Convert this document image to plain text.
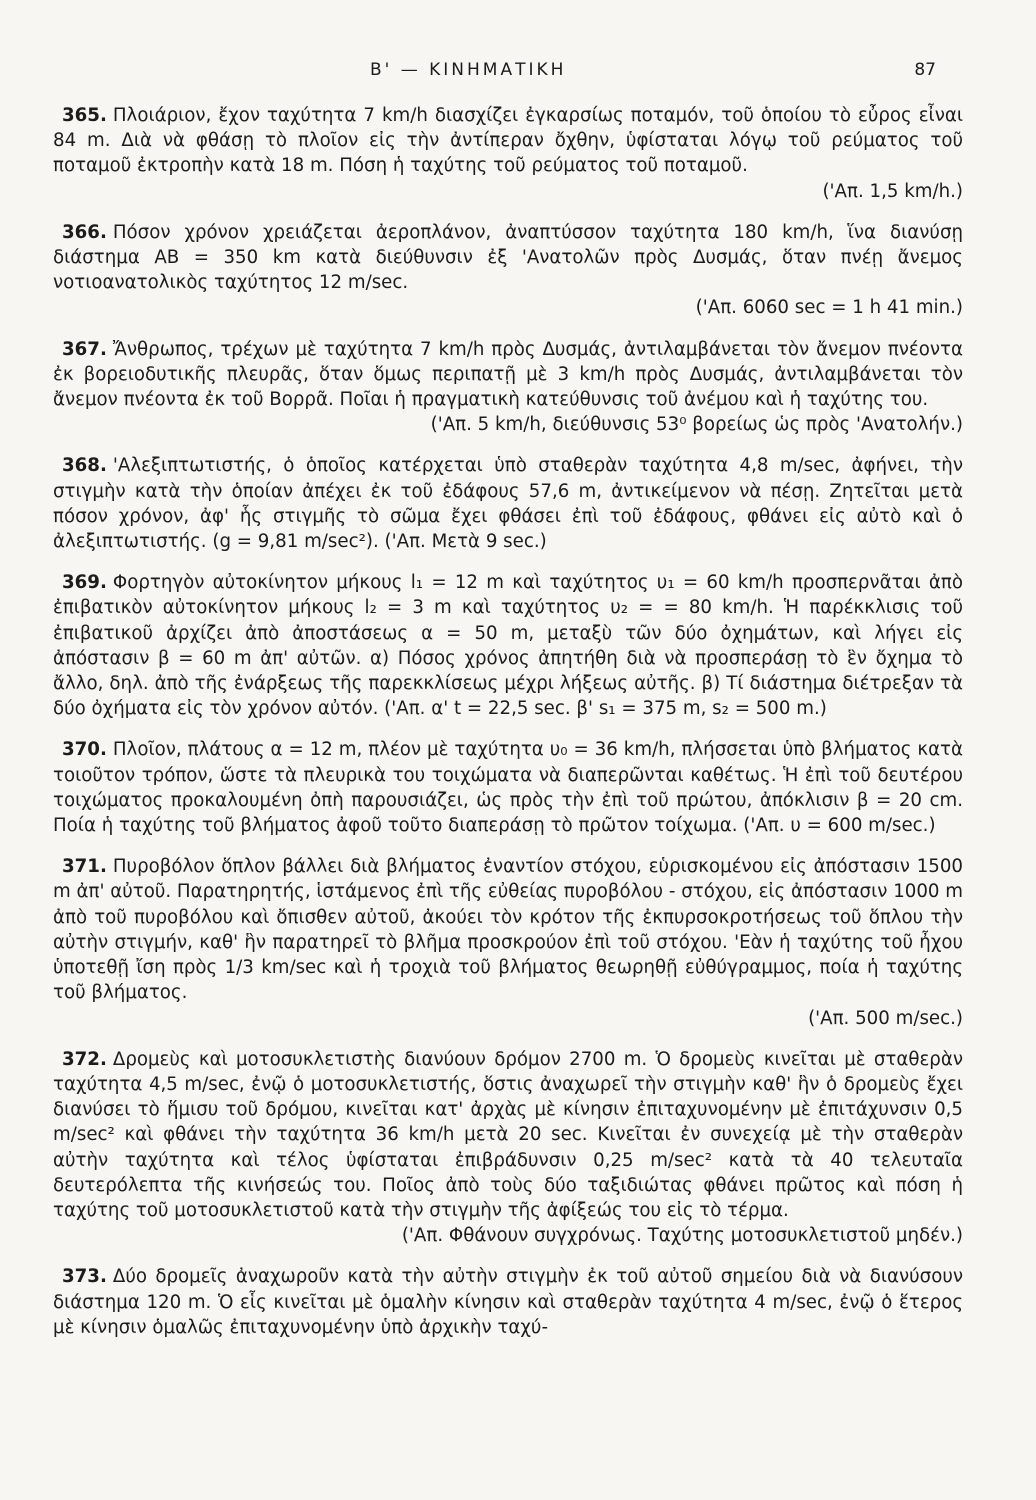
Β' — ΚΙΝΗΜΑΤΙΚΗ	87

365. Πλοιάριον, ἔχον ταχύτητα 7 km/h διασχίζει ἐγκαρσίως ποταμόν, τοῦ ὁποίου τὸ εὖρος εἶναι 84 m. Διὰ νὰ φθάσῃ τὸ πλοῖον εἰς τὴν ἀντίπεραν ὄχθην, ὑφίσταται λόγῳ τοῦ ρεύματος τοῦ ποταμοῦ ἐκτροπὴν κατὰ 18 m. Πόση ἡ ταχύτης τοῦ ρεύματος τοῦ ποταμοῦ.
('Απ. 1,5 km/h.)

366. Πόσον χρόνον χρειάζεται ἀεροπλάνον, ἀναπτύσσον ταχύτητα 180 km/h, ἵνα διανύσῃ διάστημα ΑΒ = 350 km κατὰ διεύθυνσιν ἐξ 'Ανατολῶν πρὸς Δυσμάς, ὅταν πνέῃ ἄνεμος νοτιοανατολικὸς ταχύτητος 12 m/sec.
('Απ. 6060 sec = 1 h 41 min.)

367. Ἄνθρωπος, τρέχων μὲ ταχύτητα 7 km/h πρὸς Δυσμάς, ἀντιλαμβάνεται τὸν ἄνεμον πνέοντα ἐκ βορειοδυτικῆς πλευρᾶς, ὅταν ὅμως περιπατῇ μὲ 3 km/h πρὸς Δυσμάς, ἀντιλαμβάνεται τὸν ἄνεμον πνέοντα ἐκ τοῦ Βορρᾶ. Ποῖαι ἡ πραγματικὴ κατεύθυνσις τοῦ ἀνέμου καὶ ἡ ταχύτης του.
('Απ. 5 km/h, διεύθυνσις 53⁰ βορείως ὡς πρὸς 'Ανατολήν.)

368. 'Αλεξιπτωτιστής, ὁ ὁποῖος κατέρχεται ὑπὸ σταθερὰν ταχύτητα 4,8 m/sec, ἀφήνει, τὴν στιγμὴν κατὰ τὴν ὁποίαν ἀπέχει ἐκ τοῦ ἐδάφους 57,6 m, ἀντικείμενον νὰ πέσῃ. Ζητεῖται μετὰ πόσον χρόνον, ἀφ' ἧς στιγμῆς τὸ σῶμα ἔχει φθάσει ἐπὶ τοῦ ἐδάφους, φθάνει εἰς αὐτὸ καὶ ὁ ἀλεξιπτωτιστής. (g = 9,81 m/sec²). ('Απ. Μετὰ 9 sec.)

369. Φορτηγὸν αὐτοκίνητον μήκους l₁ = 12 m καὶ ταχύτητος υ₁ = 60 km/h προσπερνᾶται ἀπὸ ἐπιβατικὸν αὐτοκίνητον μήκους l₂ = 3 m καὶ ταχύτητος υ₂ = = 80 km/h. Ἡ παρέκκλισις τοῦ ἐπιβατικοῦ ἀρχίζει ἀπὸ ἀποστάσεως α = 50 m, μεταξὺ τῶν δύο ὀχημάτων, καὶ λήγει εἰς ἀπόστασιν β = 60 m ἀπ' αὐτῶν. α) Πόσος χρόνος ἀπητήθη διὰ νὰ προσπεράσῃ τὸ ἓν ὄχημα τὸ ἄλλο, δηλ. ἀπὸ τῆς ἐνάρξεως τῆς παρεκκλίσεως μέχρι λήξεως αὐτῆς. β) Τί διάστημα διέτρεξαν τὰ δύο ὀχήματα εἰς τὸν χρόνον αὐτόν. ('Απ. α' t = 22,5 sec. β' s₁ = 375 m, s₂ = 500 m.)

370. Πλοῖον, πλάτους α = 12 m, πλέον μὲ ταχύτητα υ₀ = 36 km/h, πλήσσεται ὑπὸ βλήματος κατὰ τοιοῦτον τρόπον, ὥστε τὰ πλευρικὰ του τοιχώματα νὰ διαπερῶνται καθέτως. Ἡ ἐπὶ τοῦ δευτέρου τοιχώματος προκαλουμένη ὀπὴ παρουσιάζει, ὡς πρὸς τὴν ἐπὶ τοῦ πρώτου, ἀπόκλισιν β = 20 cm. Ποία ἡ ταχύτης τοῦ βλήματος ἀφοῦ τοῦτο διαπεράσῃ τὸ πρῶτον τοίχωμα. ('Απ. υ = 600 m/sec.)

371. Πυροβόλον ὅπλον βάλλει διὰ βλήματος ἐναντίον στόχου, εὑρισκομένου εἰς ἀπόστασιν 1500 m ἀπ' αὐτοῦ. Παρατηρητής, ἱστάμενος ἐπὶ τῆς εὐθείας πυροβόλου - στόχου, εἰς ἀπόστασιν 1000 m ἀπὸ τοῦ πυροβόλου καὶ ὄπισθεν αὐτοῦ, ἀκούει τὸν κρότον τῆς ἐκπυρσοκροτήσεως τοῦ ὅπλου τὴν αὐτὴν στιγμήν, καθ' ἣν παρατηρεῖ τὸ βλῆμα προσκρούον ἐπὶ τοῦ στόχου. 'Εὰν ἡ ταχύτης τοῦ ἦχου ὑποτεθῇ ἴση πρὸς 1/3 km/sec καὶ ἡ τροχιὰ τοῦ βλήματος θεωρηθῇ εὐθύγραμμος, ποία ἡ ταχύτης τοῦ βλήματος.
('Απ. 500 m/sec.)

372. Δρομεὺς καὶ μοτοσυκλετιστὴς διανύουν δρόμον 2700 m. Ὁ δρομεὺς κινεῖται μὲ σταθερὰν ταχύτητα 4,5 m/sec, ἐνῷ ὁ μοτοσυκλετιστής, ὅστις ἀναχωρεῖ τὴν στιγμὴν καθ' ἣν ὁ δρομεὺς ἔχει διανύσει τὸ ἥμισυ τοῦ δρόμου, κινεῖται κατ' ἀρχὰς μὲ κίνησιν ἐπιταχυνομένην μὲ ἐπιτάχυνσιν 0,5 m/sec² καὶ φθάνει τὴν ταχύτητα 36 km/h μετὰ 20 sec. Κινεῖται ἐν συνεχείᾳ μὲ τὴν σταθερὰν αὐτὴν ταχύτητα καὶ τέλος ὑφίσταται ἐπιβράδυνσιν 0,25 m/sec² κατὰ τὰ 40 τελευταῖα δευτερόλεπτα τῆς κινήσεώς του. Ποῖος ἀπὸ τοὺς δύο ταξιδιώτας φθάνει πρῶτος καὶ πόση ἡ ταχύτης τοῦ μοτοσυκλετιστοῦ κατὰ τὴν στιγμὴν τῆς ἀφίξεώς του εἰς τὸ τέρμα.
('Απ. Φθάνουν συγχρόνως. Ταχύτης μοτοσυκλετιστοῦ μηδέν.)

373. Δύο δρομεῖς ἀναχωροῦν κατὰ τὴν αὐτὴν στιγμὴν ἐκ τοῦ αὐτοῦ σημείου διὰ νὰ διανύσουν διάστημα 120 m. Ὁ εἷς κινεῖται μὲ ὁμαλὴν κίνησιν καὶ σταθερὰν ταχύτητα 4 m/sec, ἐνῷ ὁ ἕτερος μὲ κίνησιν ὁμαλῶς ἐπιταχυνομένην ὑπὸ ἀρχικὴν ταχύ-
